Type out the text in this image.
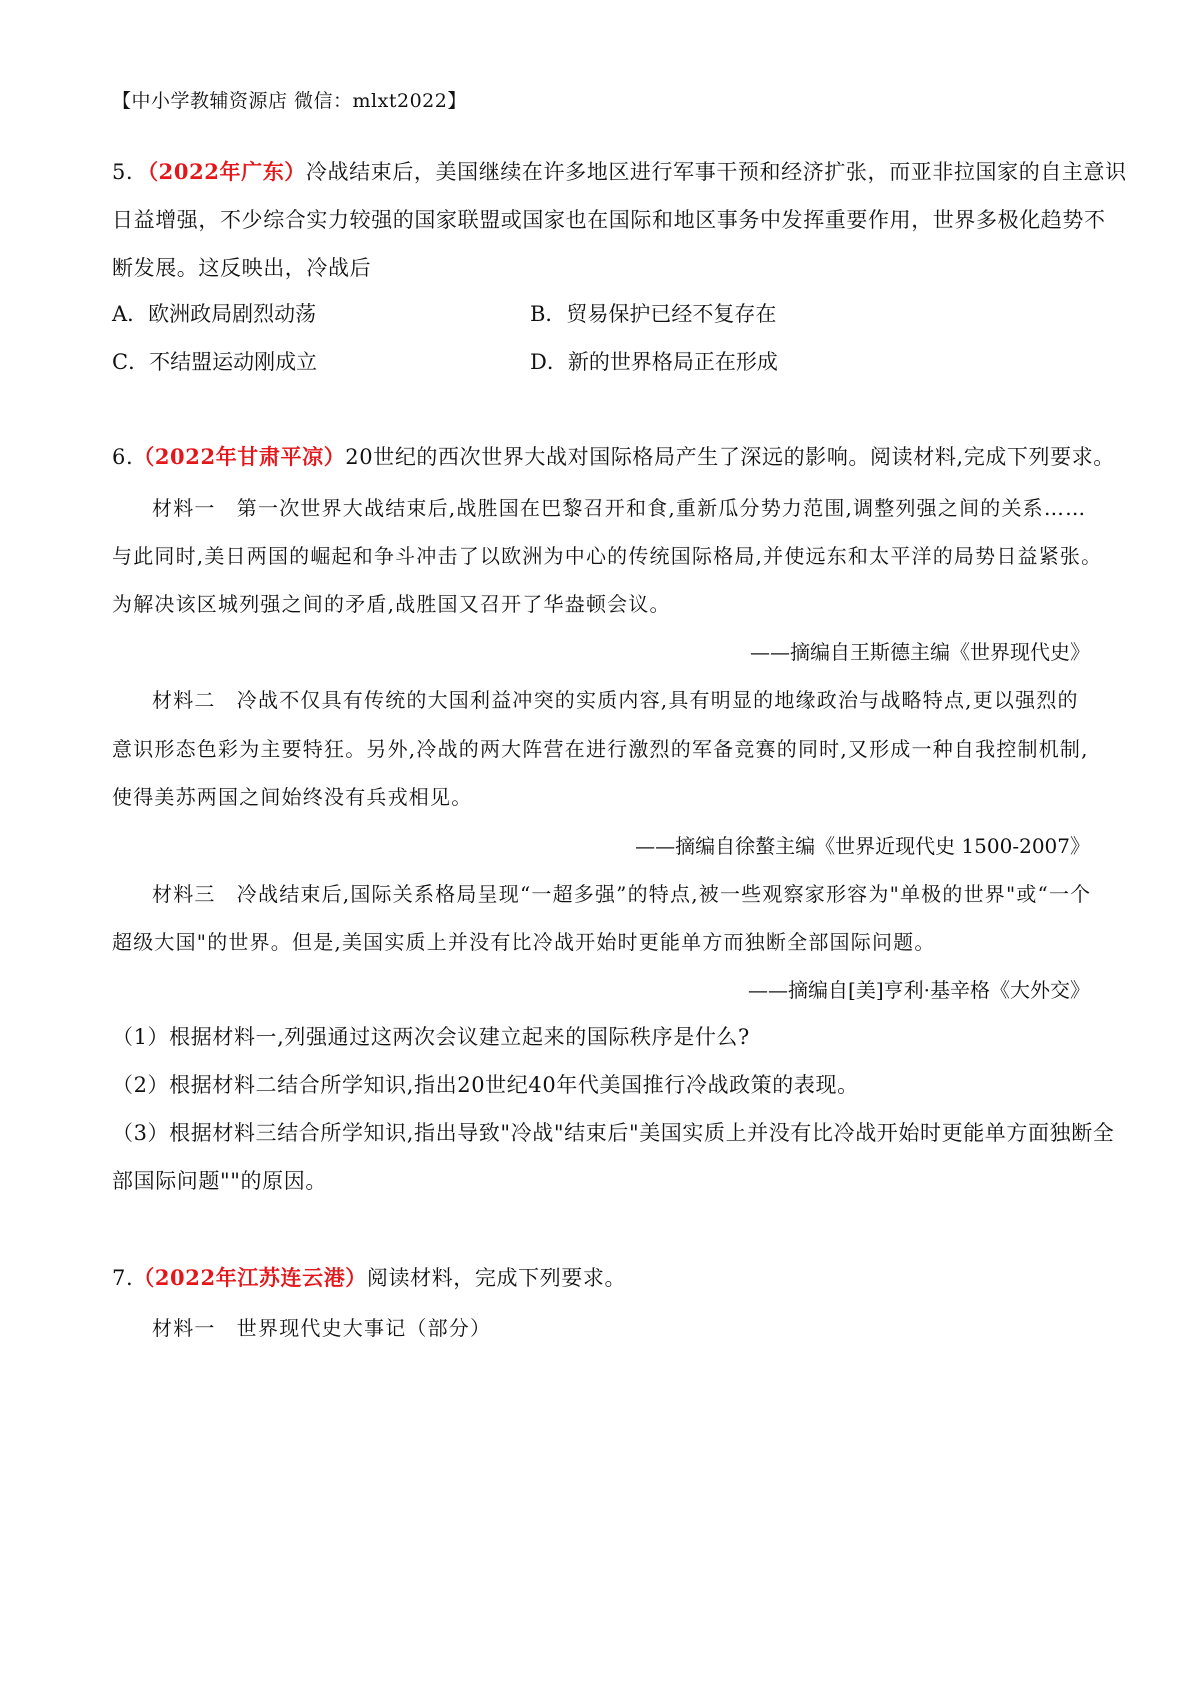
【中小学教辅资源店 微信：mlxt2022】
5．（2022年广东）冷战结束后，美国继续在许多地区进行军事干预和经济扩张，而亚非拉国家的自主意识
日益增强，不少综合实力较强的国家联盟或国家也在国际和地区事务中发挥重要作用，世界多极化趋势不
断发展。这反映出，冷战后
A．欧洲政局剧烈动荡	B．贸易保护已经不复存在
C．不结盟运动刚成立	D．新的世界格局正在形成
6.（2022年甘肃平凉）20世纪的西次世界大战对国际格局产生了深远的影响。阅读材料,完成下列要求。
材料一　第一次世界大战结束后,战胜国在巴黎召开和食,重新瓜分势力范围,调整列强之间的关系……
与此同时,美日两国的崛起和争斗冲击了以欧洲为中心的传统国际格局,并使远东和太平洋的局势日益紧张。
为解决该区城列强之间的矛盾,战胜国又召开了华盎顿会议。
——摘编自王斯德主编《世界现代史》
材料二　冷战不仅具有传统的大国利益冲突的实质内容,具有明显的地缘政治与战略特点,更以强烈的
意识形态色彩为主要特狂。另外,冷战的两大阵营在进行激烈的军备竞赛的同时,又形成一种自我控制机制,
使得美苏两国之间始终没有兵戎相见。
——摘编自徐螯主编《世界近现代史 1500-2007》
材料三　冷战结束后,国际关系格局呈现“一超多强”的特点,被一些观察家形容为"单极的世界"或“一个
超级大国"的世界。但是,美国实质上并没有比冷战开始时更能单方而独断全部国际问题。
——摘编自[美]亨利·基辛格《大外交》
（1）根据材料一,列强通过这两次会议建立起来的国际秩序是什么?
（2）根据材料二结合所学知识,指出20世纪40年代美国推行冷战政策的表现。
（3）根据材料三结合所学知识,指出导致"冷战"结束后"美国实质上并没有比冷战开始时更能单方面独断全
部国际问题""的原因。
7.（2022年江苏连云港）阅读材料，完成下列要求。
材料一　世界现代史大事记（部分）
